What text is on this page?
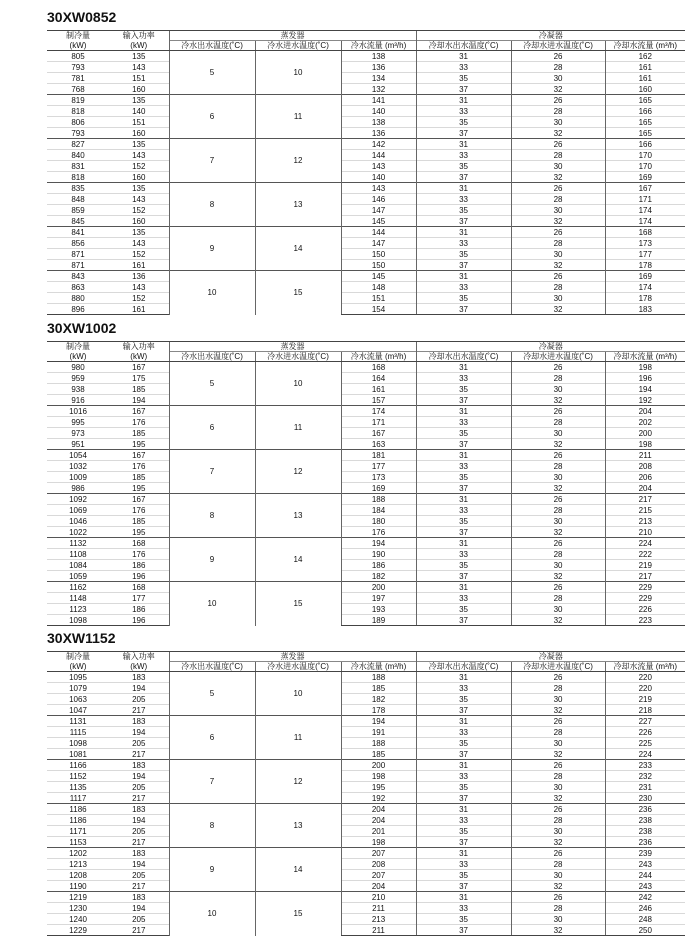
30XW0852
制冷量	输入功率	蒸发器			冷凝器		
(kW)	(kW)	冷水出水温度(˚C)	冷水进水温度(˚C)	冷水流量 (m³/h)	冷却水出水温度(˚C)	冷却水进水温度(˚C)	冷却水流量 (m³/h)
805	135	5	10	138	31	26	162
793	143			136	33	28	161
781	151			134	35	30	161
768	160			132	37	32	160
819	135	6	11	141	31	26	165
818	140			140	33	28	166
806	151			138	35	30	165
793	160			136	37	32	165
827	135	7	12	142	31	26	166
840	143			144	33	28	170
831	152			143	35	30	170
818	160			140	37	32	169
835	135	8	13	143	31	26	167
848	143			146	33	28	171
859	152			147	35	30	174
845	160			145	37	32	174
841	135	9	14	144	31	26	168
856	143			147	33	28	173
871	152			150	35	30	177
871	161			150	37	32	178
843	136	10	15	145	31	26	169
863	143			148	33	28	174
880	152			151	35	30	178
896	161			154	37	32	183
30XW1002
制冷量	输入功率	蒸发器			冷凝器		
(kW)	(kW)	冷水出水温度(˚C)	冷水进水温度(˚C)	冷水流量 (m³/h)	冷却水出水温度(˚C)	冷却水进水温度(˚C)	冷却水流量 (m³/h)
980	167	5	10	168	31	26	198
959	175			164	33	28	196
938	185			161	35	30	194
916	194			157	37	32	192
1016	167	6	11	174	31	26	204
995	176			171	33	28	202
973	185			167	35	30	200
951	195			163	37	32	198
1054	167	7	12	181	31	26	211
1032	176			177	33	28	208
1009	185			173	35	30	206
986	195			169	37	32	204
1092	167	8	13	188	31	26	217
1069	176			184	33	28	215
1046	185			180	35	30	213
1022	195			176	37	32	210
1132	168	9	14	194	31	26	224
1108	176			190	33	28	222
1084	186			186	35	30	219
1059	196			182	37	32	217
1162	168	10	15	200	31	26	229
1148	177			197	33	28	229
1123	186			193	35	30	226
1098	196			189	37	32	223
30XW1152
制冷量	输入功率	蒸发器			冷凝器		
(kW)	(kW)	冷水出水温度(˚C)	冷水进水温度(˚C)	冷水流量 (m³/h)	冷却水出水温度(˚C)	冷却水进水温度(˚C)	冷却水流量 (m³/h)
1095	183	5	10	188	31	26	220
1079	194			185	33	28	220
1063	205			182	35	30	219
1047	217			178	37	32	218
1131	183	6	11	194	31	26	227
1115	194			191	33	28	226
1098	205			188	35	30	225
1081	217			185	37	32	224
1166	183	7	12	200	31	26	233
1152	194			198	33	28	232
1135	205			195	35	30	231
1117	217			192	37	32	230
1186	183	8	13	204	31	26	236
1186	194			204	33	28	238
1171	205			201	35	30	238
1153	217			198	37	32	236
1202	183	9	14	207	31	26	239
1213	194			208	33	28	243
1208	205			207	35	30	244
1190	217			204	37	32	243
1219	183	10	15	210	31	26	242
1230	194			211	33	28	246
1240	205			213	35	30	248
1229	217			211	37	32	250
